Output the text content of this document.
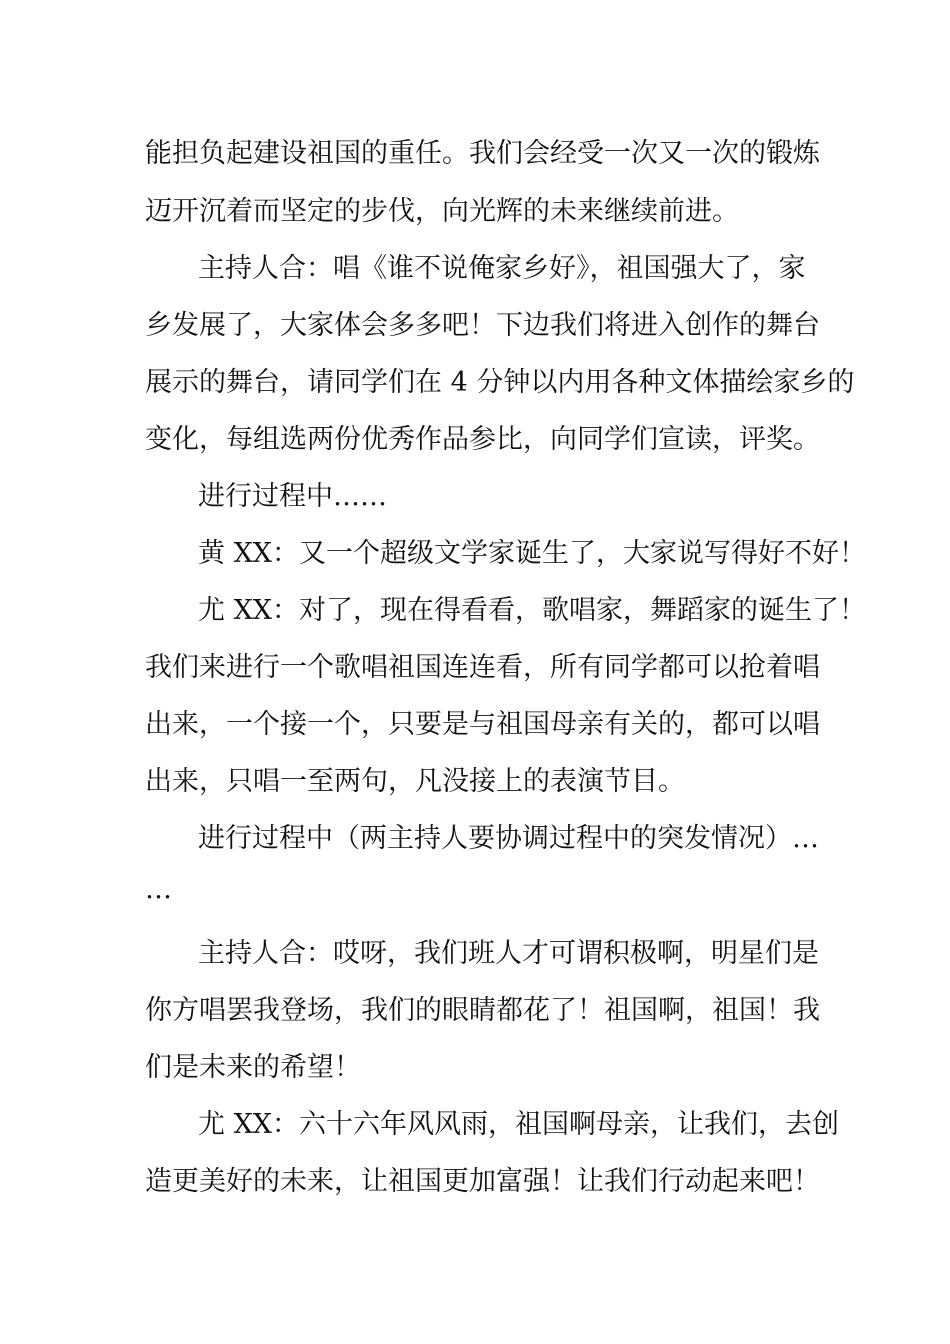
能担负起建设祖国的重任。我们会经受一次又一次的锻炼
迈开沉着而坚定的步伐，向光辉的未来继续前进。
主持人合：唱《谁不说俺家乡好》，祖国强大了，家
乡发展了，大家体会多多吧！下边我们将进入创作的舞台
展示的舞台，请同学们在 4 分钟以内用各种文体描绘家乡的
变化，每组选两份优秀作品参比，向同学们宣读，评奖。
进行过程中……
黄 XX：又一个超级文学家诞生了，大家说写得好不好！
尤 XX：对了，现在得看看，歌唱家，舞蹈家的诞生了！
我们来进行一个歌唱祖国连连看，所有同学都可以抢着唱
出来，一个接一个，只要是与祖国母亲有关的，都可以唱
出来，只唱一至两句，凡没接上的表演节目。
进行过程中（两主持人要协调过程中的突发情况）…
…
主持人合：哎呀，我们班人才可谓积极啊，明星们是
你方唱罢我登场，我们的眼睛都花了！祖国啊，祖国！我
们是未来的希望！
尤 XX：六十六年风风雨，祖国啊母亲，让我们，去创
造更美好的未来，让祖国更加富强！让我们行动起来吧！
